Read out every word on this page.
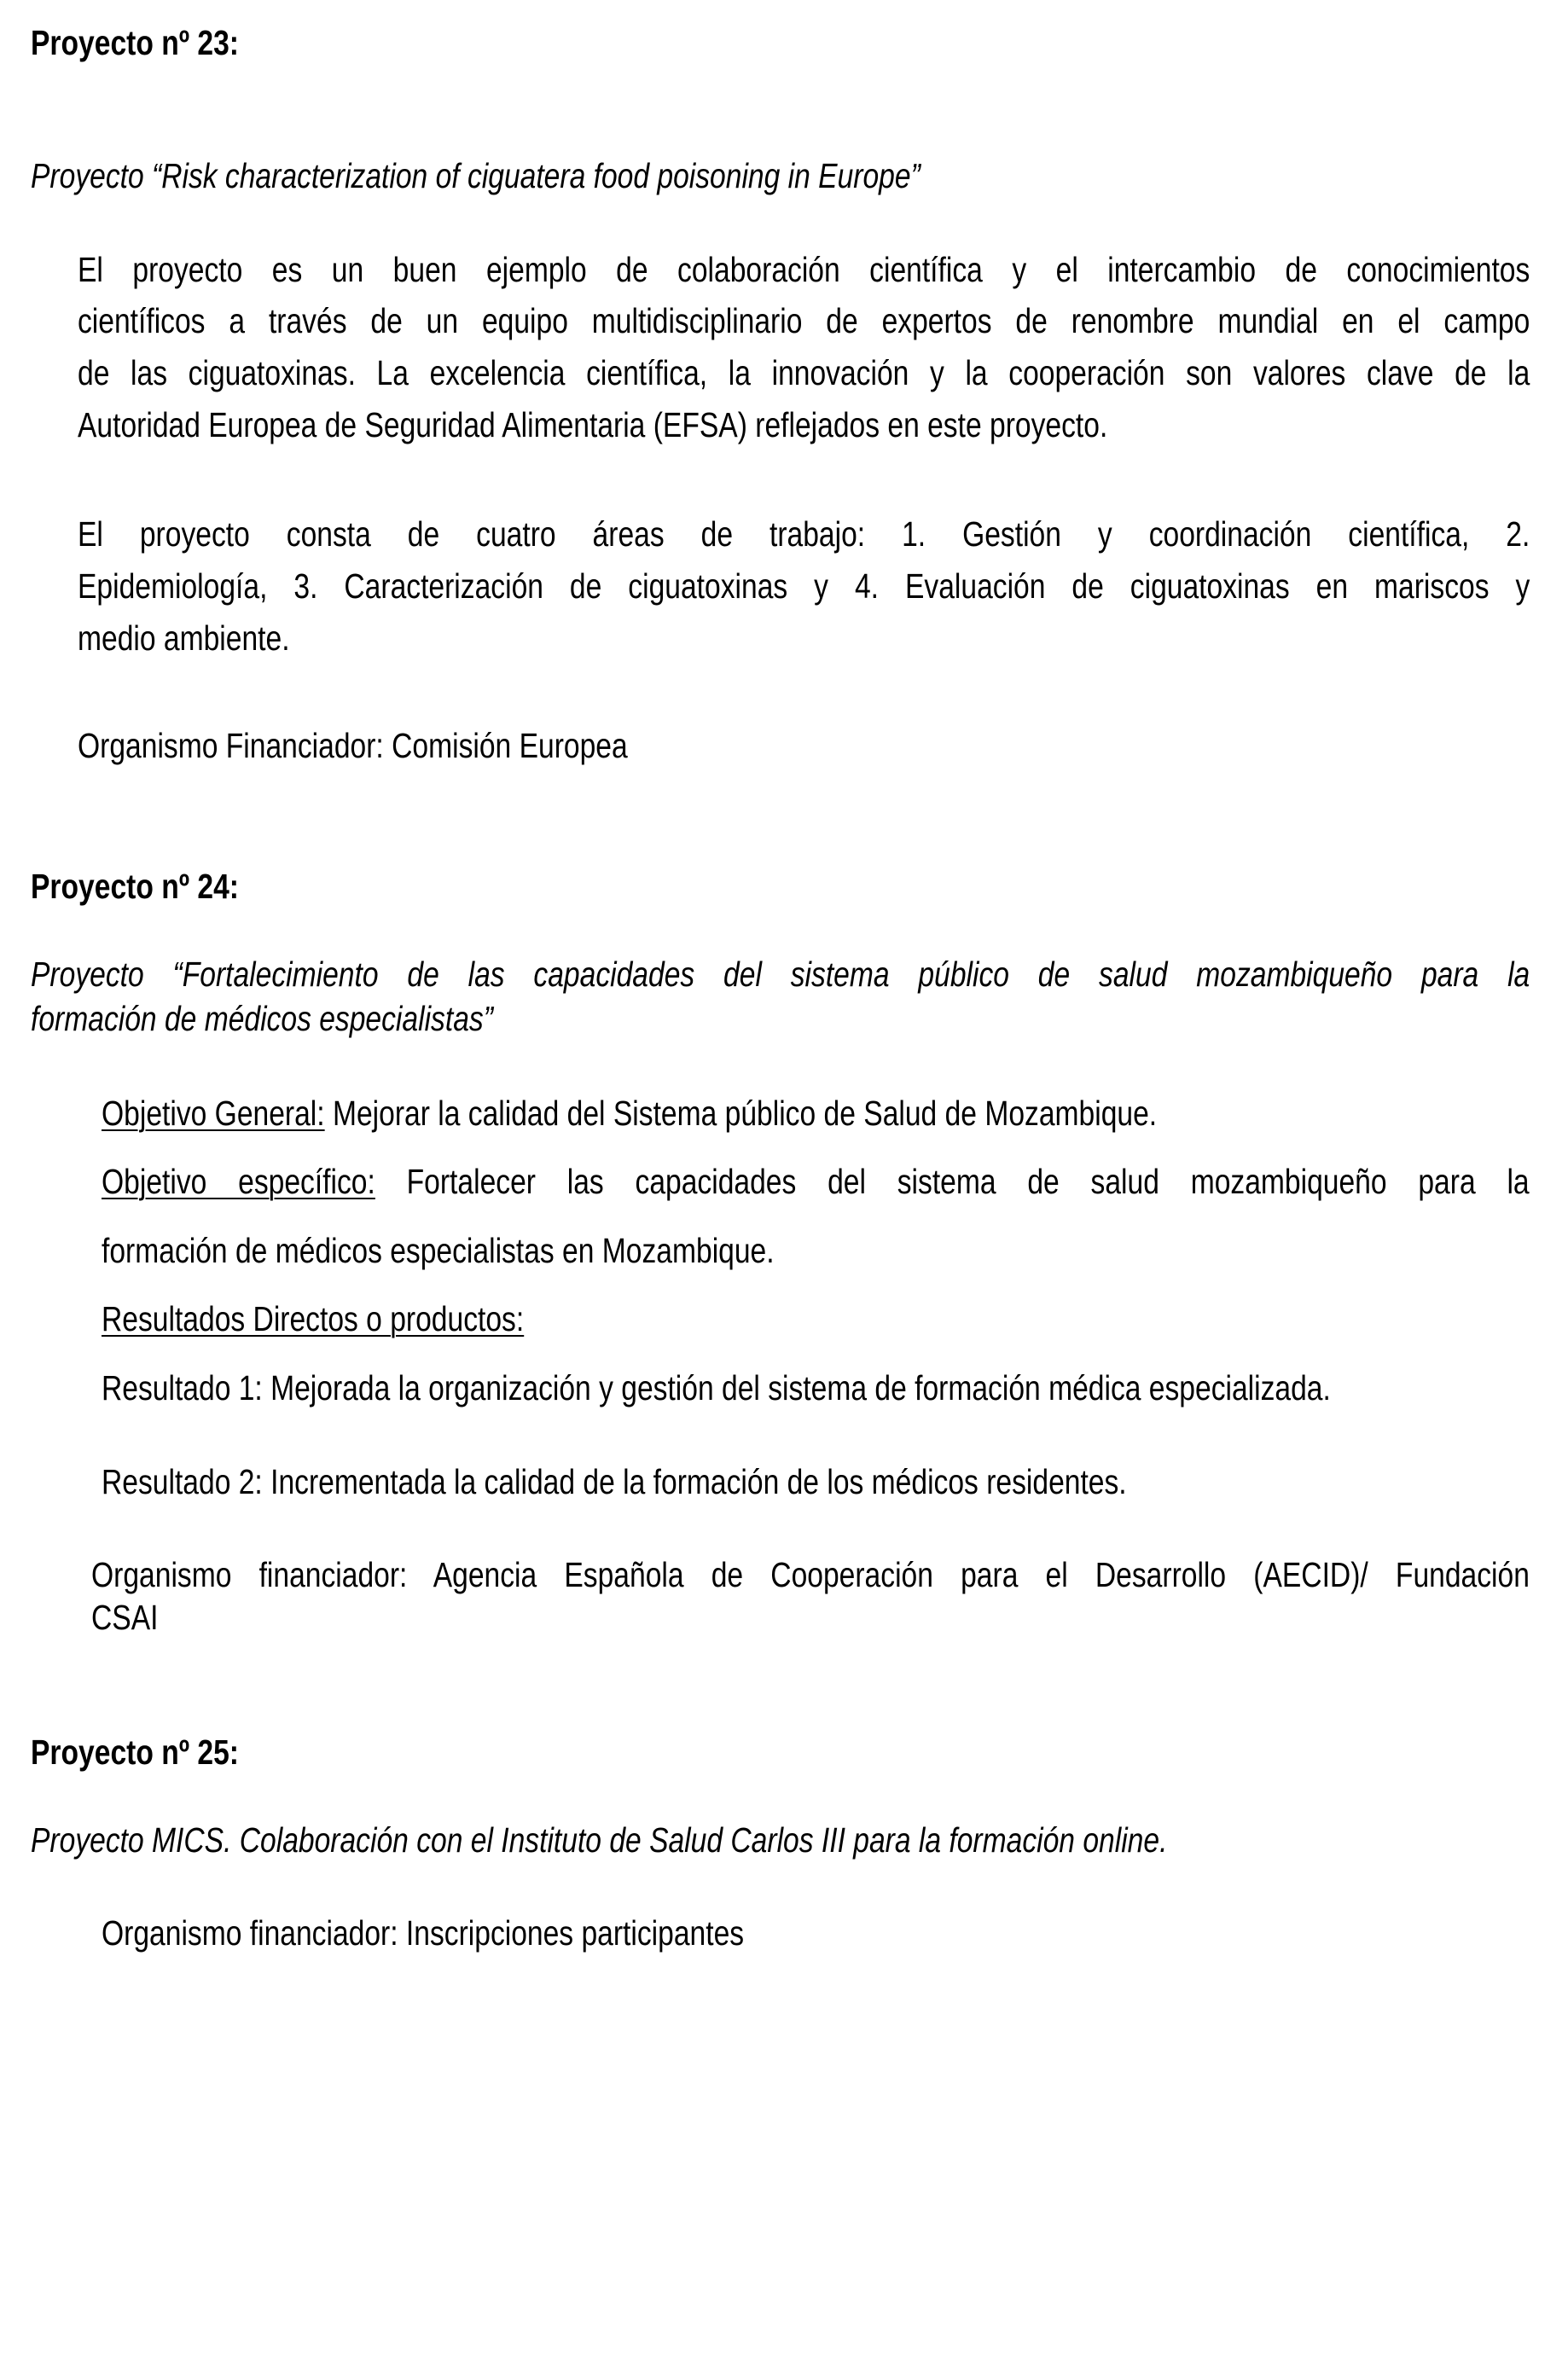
Proyecto nº 23:
Proyecto “Risk characterization of ciguatera food poisoning in Europe”
El proyecto es un buen ejemplo de colaboración científica y el intercambio de conocimientos
científicos a través de un equipo multidisciplinario de expertos de renombre mundial en el campo
de las ciguatoxinas. La excelencia científica, la innovación y la cooperación son valores clave de la
Autoridad Europea de Seguridad Alimentaria (EFSA) reflejados en este proyecto.
El proyecto consta de cuatro áreas de trabajo: 1. Gestión y coordinación científica, 2.
Epidemiología, 3. Caracterización de ciguatoxinas y 4. Evaluación de ciguatoxinas en mariscos y
medio ambiente.
Organismo Financiador: Comisión Europea
Proyecto nº 24:
Proyecto “Fortalecimiento de las capacidades del sistema público de salud mozambiqueño para la
formación de médicos especialistas”
Objetivo General: Mejorar la calidad del Sistema público de Salud de Mozambique.
Objetivo específico: Fortalecer las capacidades del sistema de salud mozambiqueño para la
formación de médicos especialistas en Mozambique.
Resultados Directos o productos:
Resultado 1: Mejorada la organización y gestión del sistema de formación médica especializada.
Resultado 2: Incrementada la calidad de la formación de los médicos residentes.
Organismo financiador: Agencia Española de Cooperación para el Desarrollo (AECID)/ Fundación
CSAI
Proyecto nº 25:
Proyecto MICS. Colaboración con el Instituto de Salud Carlos III para la formación online.
Organismo financiador: Inscripciones participantes
